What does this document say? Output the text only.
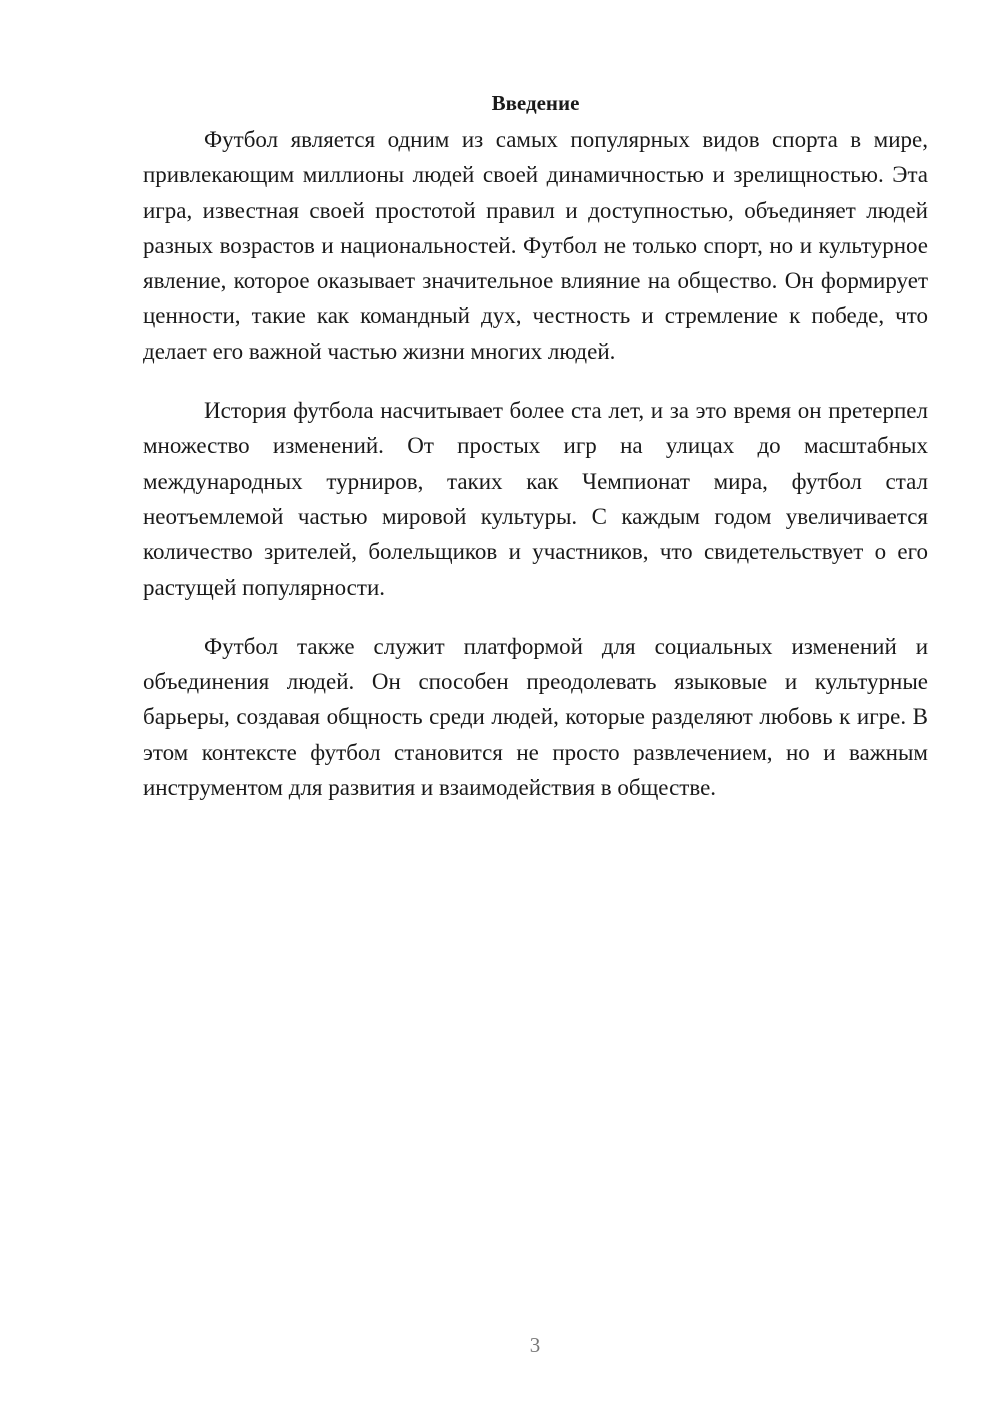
Введение

Футбол является одним из самых популярных видов спорта в мире, привлекающим миллионы людей своей динамичностью и зрелищностью. Эта игра, известная своей простотой правил и доступностью, объединяет людей разных возрастов и национальностей. Футбол не только спорт, но и культурное явление, которое оказывает значительное влияние на общество. Он формирует ценности, такие как командный дух, честность и стремление к победе, что делает его важной частью жизни многих людей.

История футбола насчитывает более ста лет, и за это время он претерпел множество изменений. От простых игр на улицах до масштабных международных турниров, таких как Чемпионат мира, футбол стал неотъемлемой частью мировой культуры. С каждым годом увеличивается количество зрителей, болельщиков и участников, что свидетельствует о его растущей популярности.

Футбол также служит платформой для социальных изменений и объединения людей. Он способен преодолевать языковые и культурные барьеры, создавая общность среди людей, которые разделяют любовь к игре. В этом контексте футбол становится не просто развлечением, но и важным инструментом для развития и взаимодействия в обществе.

3
